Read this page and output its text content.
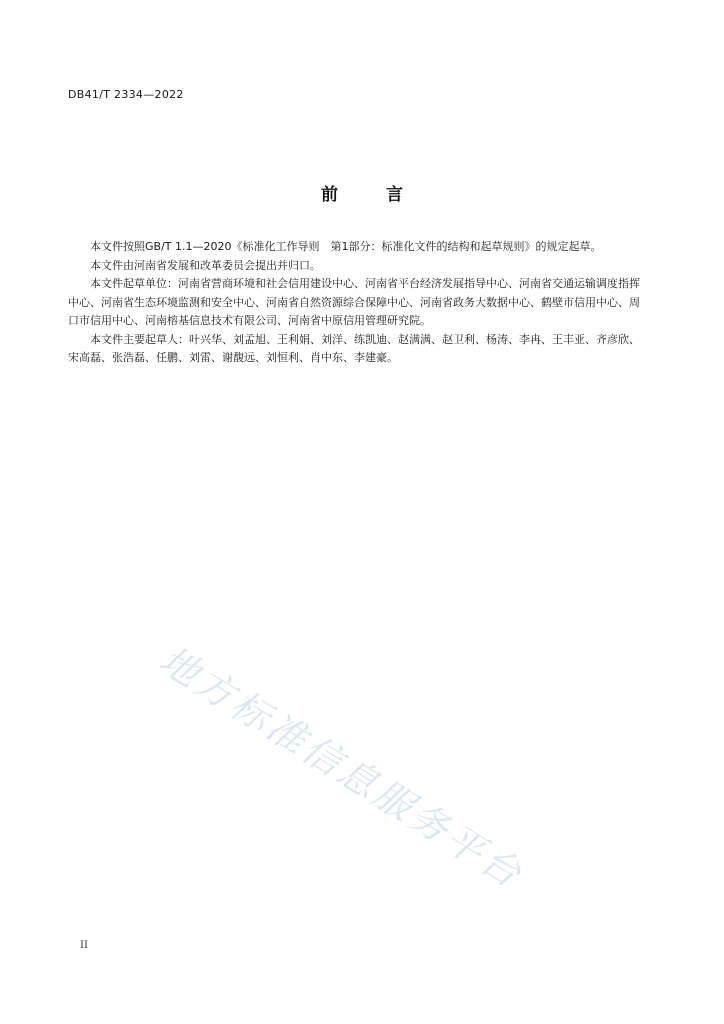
DB41/T 2334—2022
前	言

本文件按照GB/T 1.1—2020《标准化工作导则　第1部分：标准化文件的结构和起草规则》的规定起草。

本文件由河南省发展和改革委员会提出并归口。

本文件起草单位：河南省营商环境和社会信用建设中心、河南省平台经济发展指导中心、河南省交通运输调度指挥中心、河南省生态环境监测和安全中心、河南省自然资源综合保障中心、河南省政务大数据中心、鹤壁市信用中心、周口市信用中心、河南榕基信息技术有限公司、河南省中原信用管理研究院。

本文件主要起草人：叶兴华、刘孟旭、王利娟、刘洋、练凯迪、赵满满、赵卫利、杨涛、李冉、王丰亚、齐彦欣、宋高磊、张浩磊、任鹏、刘雷、谢馥远、刘恒利、肖中东、李建豪。

地方标准信息服务平台
II
